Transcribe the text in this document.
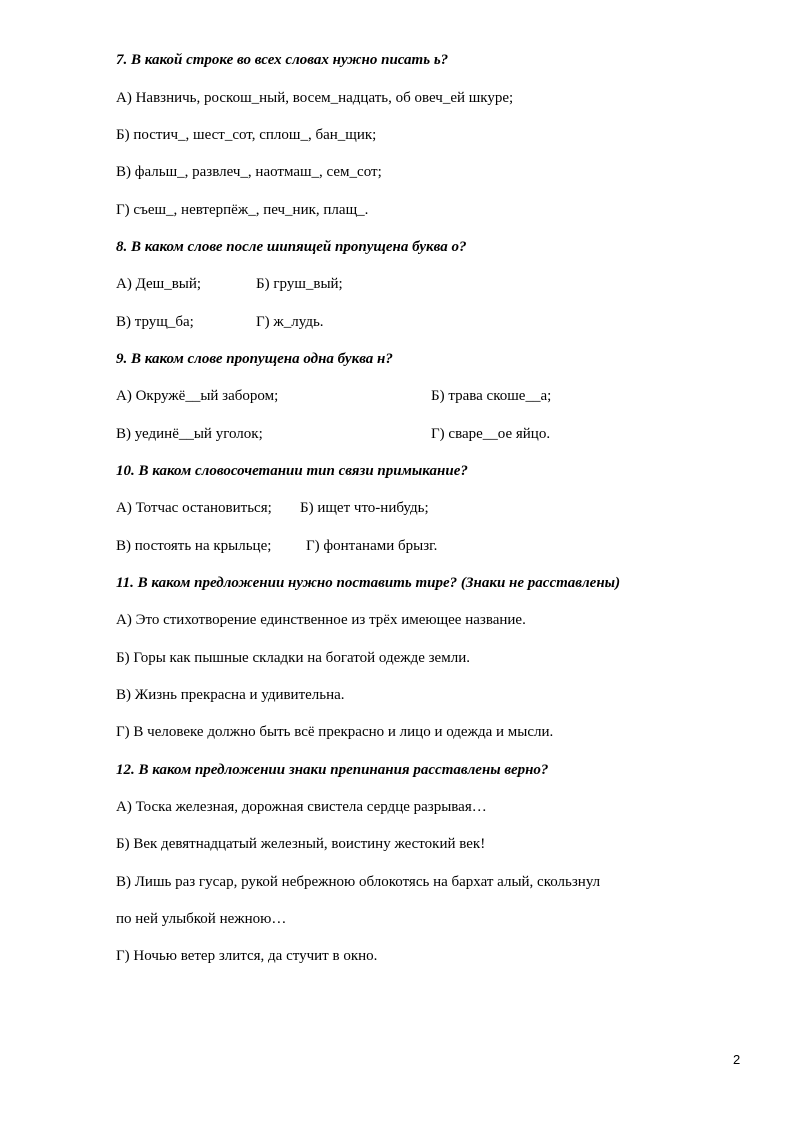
7. В какой строке во всех словах нужно писать ь?
А) Навзничь, роскош_ный, восем_надцать, об овеч_ей шкуре;
Б) постич_, шест_сот, сплош_, бан_щик;
В) фальш_, развлеч_, наотмаш_, сем_сот;
Г) съеш_, невтерпёж_, печ_ник, плащ_.
8. В каком слове после шипящей пропущена буква о?
А) Деш_вый;	Б) груш_вый;
В) трущ_ба;	Г) ж_лудь.
9. В каком слове пропущена одна буква н?
А) Окружё__ый забором;	Б) трава скоше__а;
В) уединё__ый уголок;	Г) сваре__ое яйцо.
10. В каком словосочетании тип связи примыкание?
А) Тотчас остановиться; Б) ищет что-нибудь;
В) постоять на крыльце; Г) фонтанами брызг.
11. В каком предложении нужно поставить тире? (Знаки не расставлены)
А) Это стихотворение единственное из трёх имеющее название.
Б) Горы как пышные складки на богатой одежде земли.
В) Жизнь прекрасна и удивительна.
Г) В человеке должно быть всё прекрасно и лицо и одежда и мысли.
12. В каком предложении знаки препинания расставлены верно?
А) Тоска железная, дорожная свистела сердце разрывая…
Б) Век девятнадцатый железный, воистину жестокий век!
В) Лишь раз гусар, рукой небрежною облокотясь на бархат алый, скользнул
по ней улыбкой нежною…
Г) Ночью ветер злится, да стучит в окно.
2
